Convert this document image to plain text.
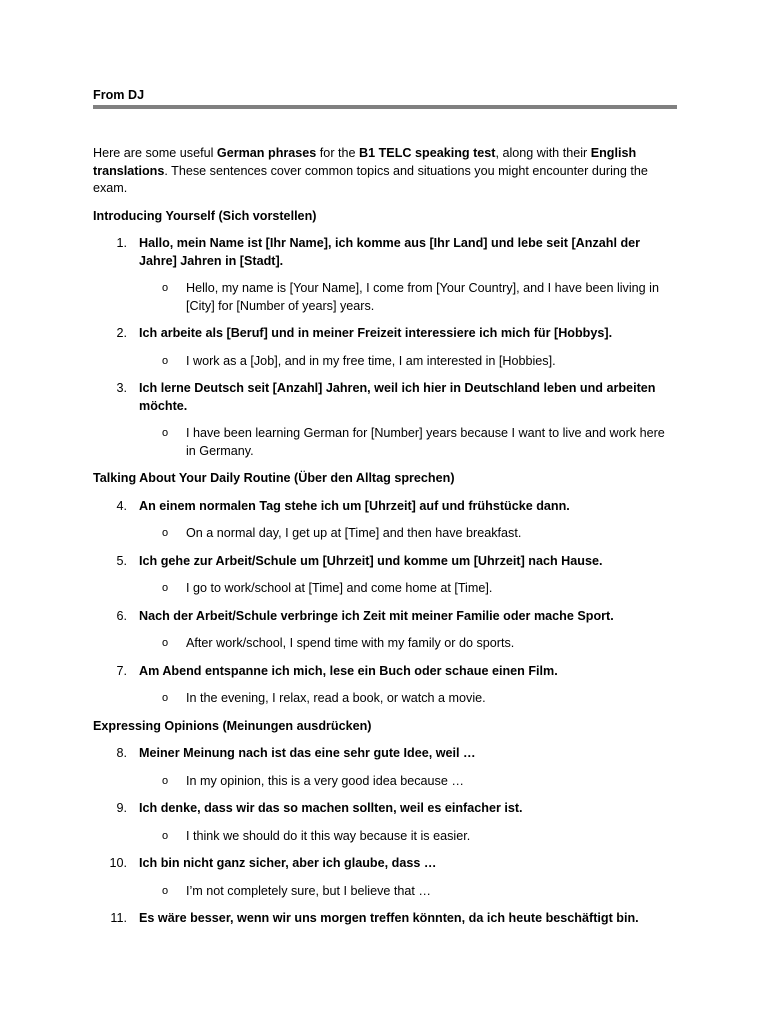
From DJ

Here are some useful German phrases for the B1 TELC speaking test, along with their English translations. These sentences cover common topics and situations you might encounter during the exam.

Introducing Yourself (Sich vorstellen)
1. Hallo, mein Name ist [Ihr Name], ich komme aus [Ihr Land] und lebe seit [Anzahl der Jahre] Jahren in [Stadt].
o Hello, my name is [Your Name], I come from [Your Country], and I have been living in [City] for [Number of years] years.
2. Ich arbeite als [Beruf] und in meiner Freizeit interessiere ich mich für [Hobbys].
o I work as a [Job], and in my free time, I am interested in [Hobbies].
3. Ich lerne Deutsch seit [Anzahl] Jahren, weil ich hier in Deutschland leben und arbeiten möchte.
o I have been learning German for [Number] years because I want to live and work here in Germany.
Talking About Your Daily Routine (Über den Alltag sprechen)
4. An einem normalen Tag stehe ich um [Uhrzeit] auf und frühstücke dann.
o On a normal day, I get up at [Time] and then have breakfast.
5. Ich gehe zur Arbeit/Schule um [Uhrzeit] und komme um [Uhrzeit] nach Hause.
o I go to work/school at [Time] and come home at [Time].
6. Nach der Arbeit/Schule verbringe ich Zeit mit meiner Familie oder mache Sport.
o After work/school, I spend time with my family or do sports.
7. Am Abend entspanne ich mich, lese ein Buch oder schaue einen Film.
o In the evening, I relax, read a book, or watch a movie.
Expressing Opinions (Meinungen ausdrücken)
8. Meiner Meinung nach ist das eine sehr gute Idee, weil …
o In my opinion, this is a very good idea because …
9. Ich denke, dass wir das so machen sollten, weil es einfacher ist.
o I think we should do it this way because it is easier.
10. Ich bin nicht ganz sicher, aber ich glaube, dass …
o I’m not completely sure, but I believe that …
11. Es wäre besser, wenn wir uns morgen treffen könnten, da ich heute beschäftigt bin.
